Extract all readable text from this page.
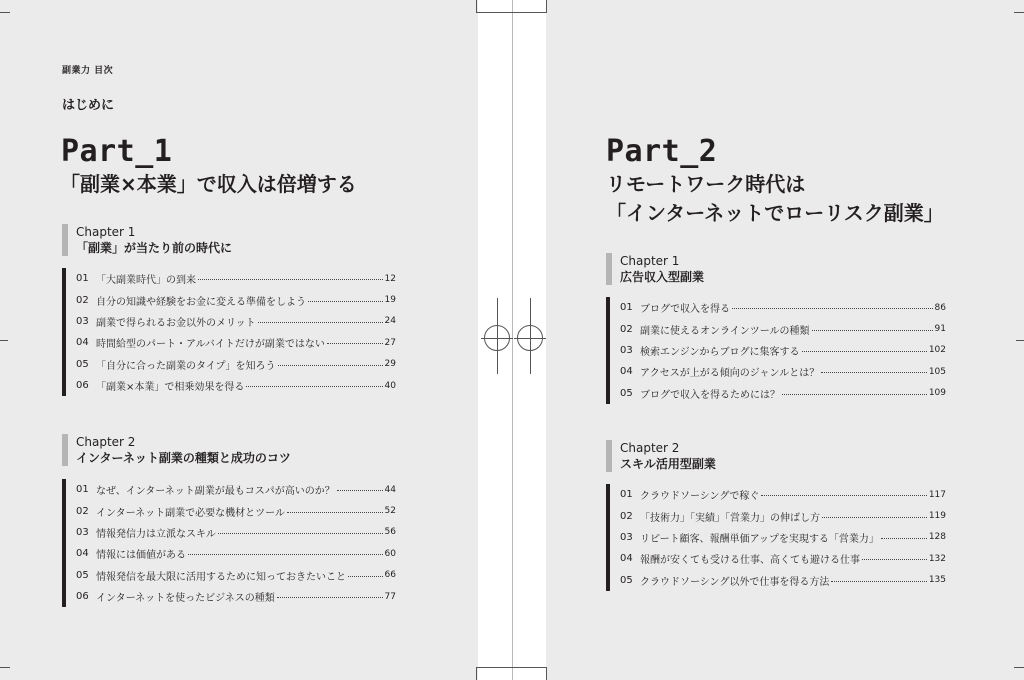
副業力 目次
はじめに
Part_1
「副業×本業」で収入は倍増する
Chapter 1
「副業」が当たり前の時代に
01 「大副業時代」の到来	12
02 自分の知識や経験をお金に変える準備をしよう	19
03 副業で得られるお金以外のメリット	24
04 時間給型のパート・アルバイトだけが副業ではない	27
05 「自分に合った副業のタイプ」を知ろう	29
06 「副業×本業」で相乗効果を得る	40
Chapter 2
インターネット副業の種類と成功のコツ
01 なぜ、インターネット副業が最もコスパが高いのか？	44
02 インターネット副業で必要な機材とツール	52
03 情報発信力は立派なスキル	56
04 情報には価値がある	60
05 情報発信を最大限に活用するために知っておきたいこと	66
06 インターネットを使ったビジネスの種類	77
Part_2
リモートワーク時代は
「インターネットでローリスク副業」
Chapter 1
広告収入型副業
01 ブログで収入を得る	86
02 副業に使えるオンラインツールの種類	91
03 検索エンジンからブログに集客する	102
04 アクセスが上がる傾向のジャンルとは？	105
05 ブログで収入を得るためには？	109
Chapter 2
スキル活用型副業
01 クラウドソーシングで稼ぐ	117
02 「技術力」「実績」「営業力」の伸ばし方	119
03 リピート顧客、報酬単価アップを実現する「営業力」	128
04 報酬が安くても受ける仕事、高くても避ける仕事	132
05 クラウドソーシング以外で仕事を得る方法	135
